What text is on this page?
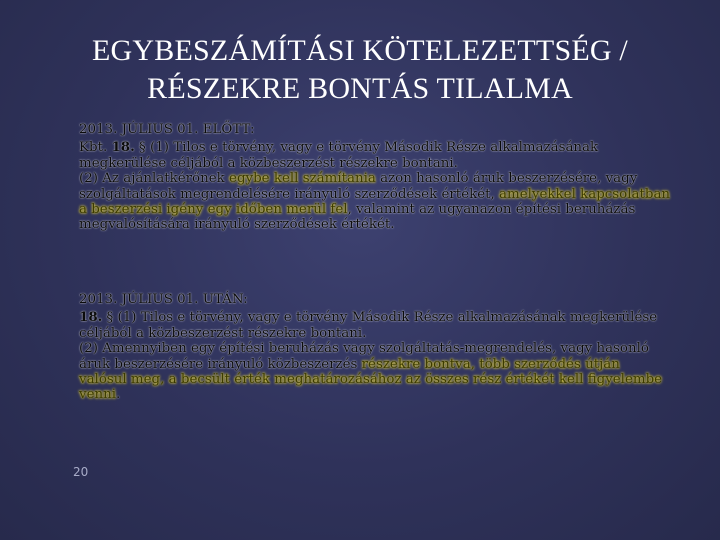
EGYBESZÁMÍTÁSI KÖTELEZETTSÉG /
RÉSZEKRE BONTÁS TILALMA

2013. JÚLIUS 01. ELŐTT:

Kbt. 18. § (1) Tilos e törvény, vagy e törvény Második Része alkalmazásának megkerülése céljából a közbeszerzést részekre bontani.

(2) Az ajánlatkérőnek egybe kell számítania azon hasonló áruk beszerzésére, vagy szolgáltatások megrendelésére irányuló szerződések értékét, amelyekkel kapcsolatban a beszerzési igény egy időben merül fel, valamint az ugyanazon építési beruházás megvalósítására irányuló szerződések értékét.

2013. JÚLIUS 01. UTÁN:

18. § (1) Tilos e törvény, vagy e törvény Második Része alkalmazásának megkerülése céljából a közbeszerzést részekre bontani.

(2) Amennyiben egy építési beruházás vagy szolgáltatás-megrendelés, vagy hasonló áruk beszerzésére irányuló közbeszerzés részekre bontva, több szerződés útján valósul meg, a becsült érték meghatározásához az összes rész értékét kell figyelembe venni.

20
